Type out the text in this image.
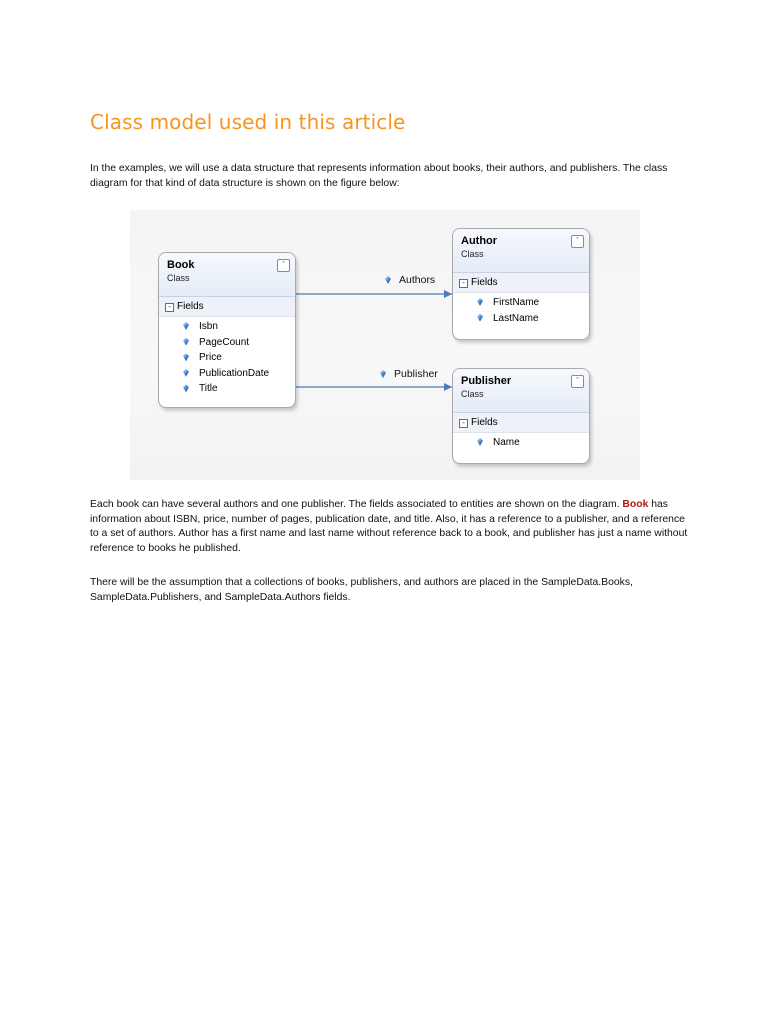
Class model used in this article

In the examples, we will use a data structure that represents information about books, their authors, and publishers. The class diagram for that kind of data structure is shown on the figure below:

Authors
Publisher
Book
Class
ˆ
- Fields
Isbn
PageCount
Price
PublicationDate
Title
Author
Class
ˆ
- Fields
FirstName
LastName
Publisher
Class
ˆ
- Fields
Name

Each book can have several authors and one publisher. The fields associated to entities are shown on the diagram. Book has information about ISBN, price, number of pages, publication date, and title. Also, it has a reference to a publisher, and a reference to a set of authors. Author has a first name and last name without reference back to a book, and publisher has just a name without reference to books he published.

There will be the assumption that a collections of books, publishers, and authors are placed in the SampleData.Books, SampleData.Publishers, and SampleData.Authors fields.
